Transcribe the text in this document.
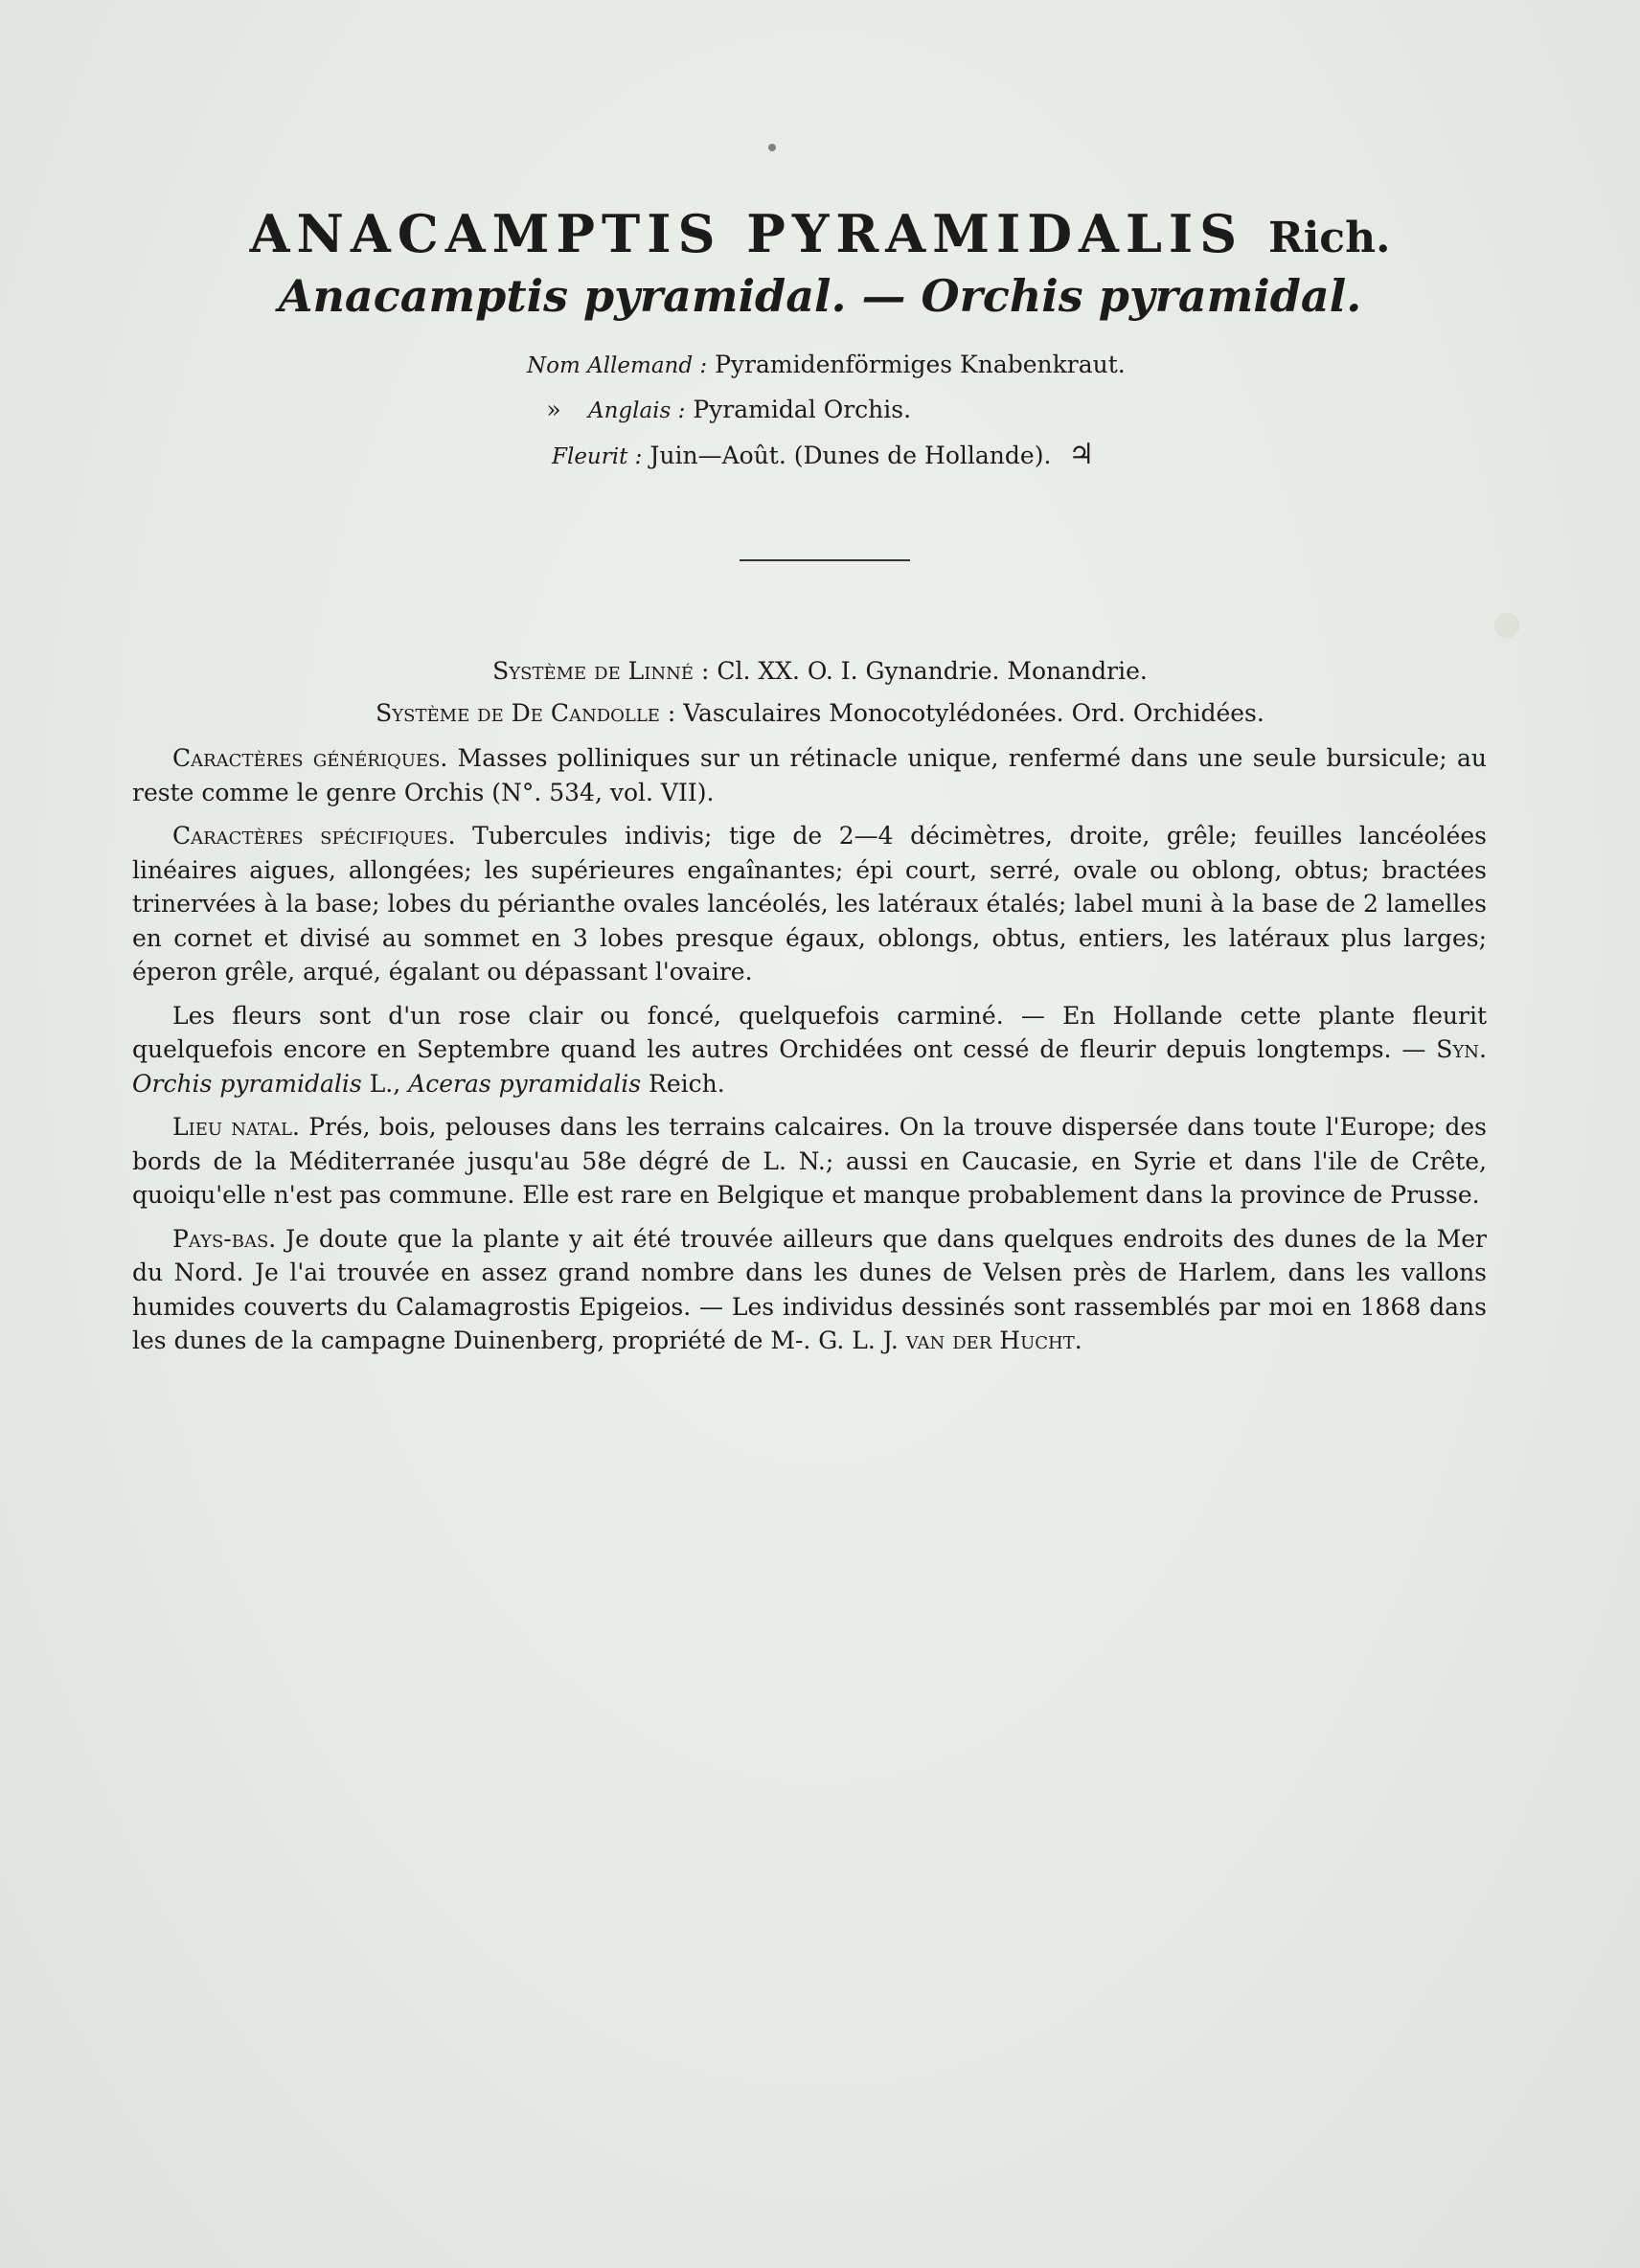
ANACAMPTIS PYRAMIDALIS Rich.
Anacamptis pyramidal. — Orchis pyramidal.
Nom Allemand : Pyramidenförmiges Knabenkraut.
» Anglais : Pyramidal Orchis.
Fleurit : Juin—Août. (Dunes de Hollande). ♃
Système de Linné : Cl. XX. O. I. Gynandrie. Monandrie.
Système de De Candolle : Vasculaires Monocotylédonées. Ord. Orchidées.

Caractères génériques. Masses polliniques sur un rétinacle unique, renfermé dans une seule bursicule; au reste comme le genre Orchis (N°. 534, vol. VII).

Caractères spécifiques. Tubercules indivis; tige de 2—4 décimètres, droite, grêle; feuilles lancéolées linéaires aigues, allongées; les supérieures engaînantes; épi court, serré, ovale ou oblong, obtus; bractées trinervées à la base; lobes du périanthe ovales lancéolés, les latéraux étalés; label muni à la base de 2 lamelles en cornet et divisé au sommet en 3 lobes presque égaux, oblongs, obtus, entiers, les latéraux plus larges; éperon grêle, arqué, égalant ou dépassant l'ovaire.

Les fleurs sont d'un rose clair ou foncé, quelquefois carminé. — En Hollande cette plante fleurit quelquefois encore en Septembre quand les autres Orchidées ont cessé de fleurir depuis longtemps. — Syn. Orchis pyramidalis L., Aceras pyramidalis Reich.

Lieu natal. Prés, bois, pelouses dans les terrains calcaires. On la trouve dispersée dans toute l'Europe; des bords de la Méditerranée jusqu'au 58e dégré de L. N.; aussi en Caucasie, en Syrie et dans l'ile de Crête, quoiqu'elle n'est pas commune. Elle est rare en Belgique et manque probablement dans la province de Prusse.

Pays-bas. Je doute que la plante y ait été trouvée ailleurs que dans quelques endroits des dunes de la Mer du Nord. Je l'ai trouvée en assez grand nombre dans les dunes de Velsen près de Harlem, dans les vallons humides couverts du Calamagrostis Epigeios. — Les individus dessinés sont rassemblés par moi en 1868 dans les dunes de la campagne Duinenberg, propriété de M-. G. L. J. van der Hucht.
